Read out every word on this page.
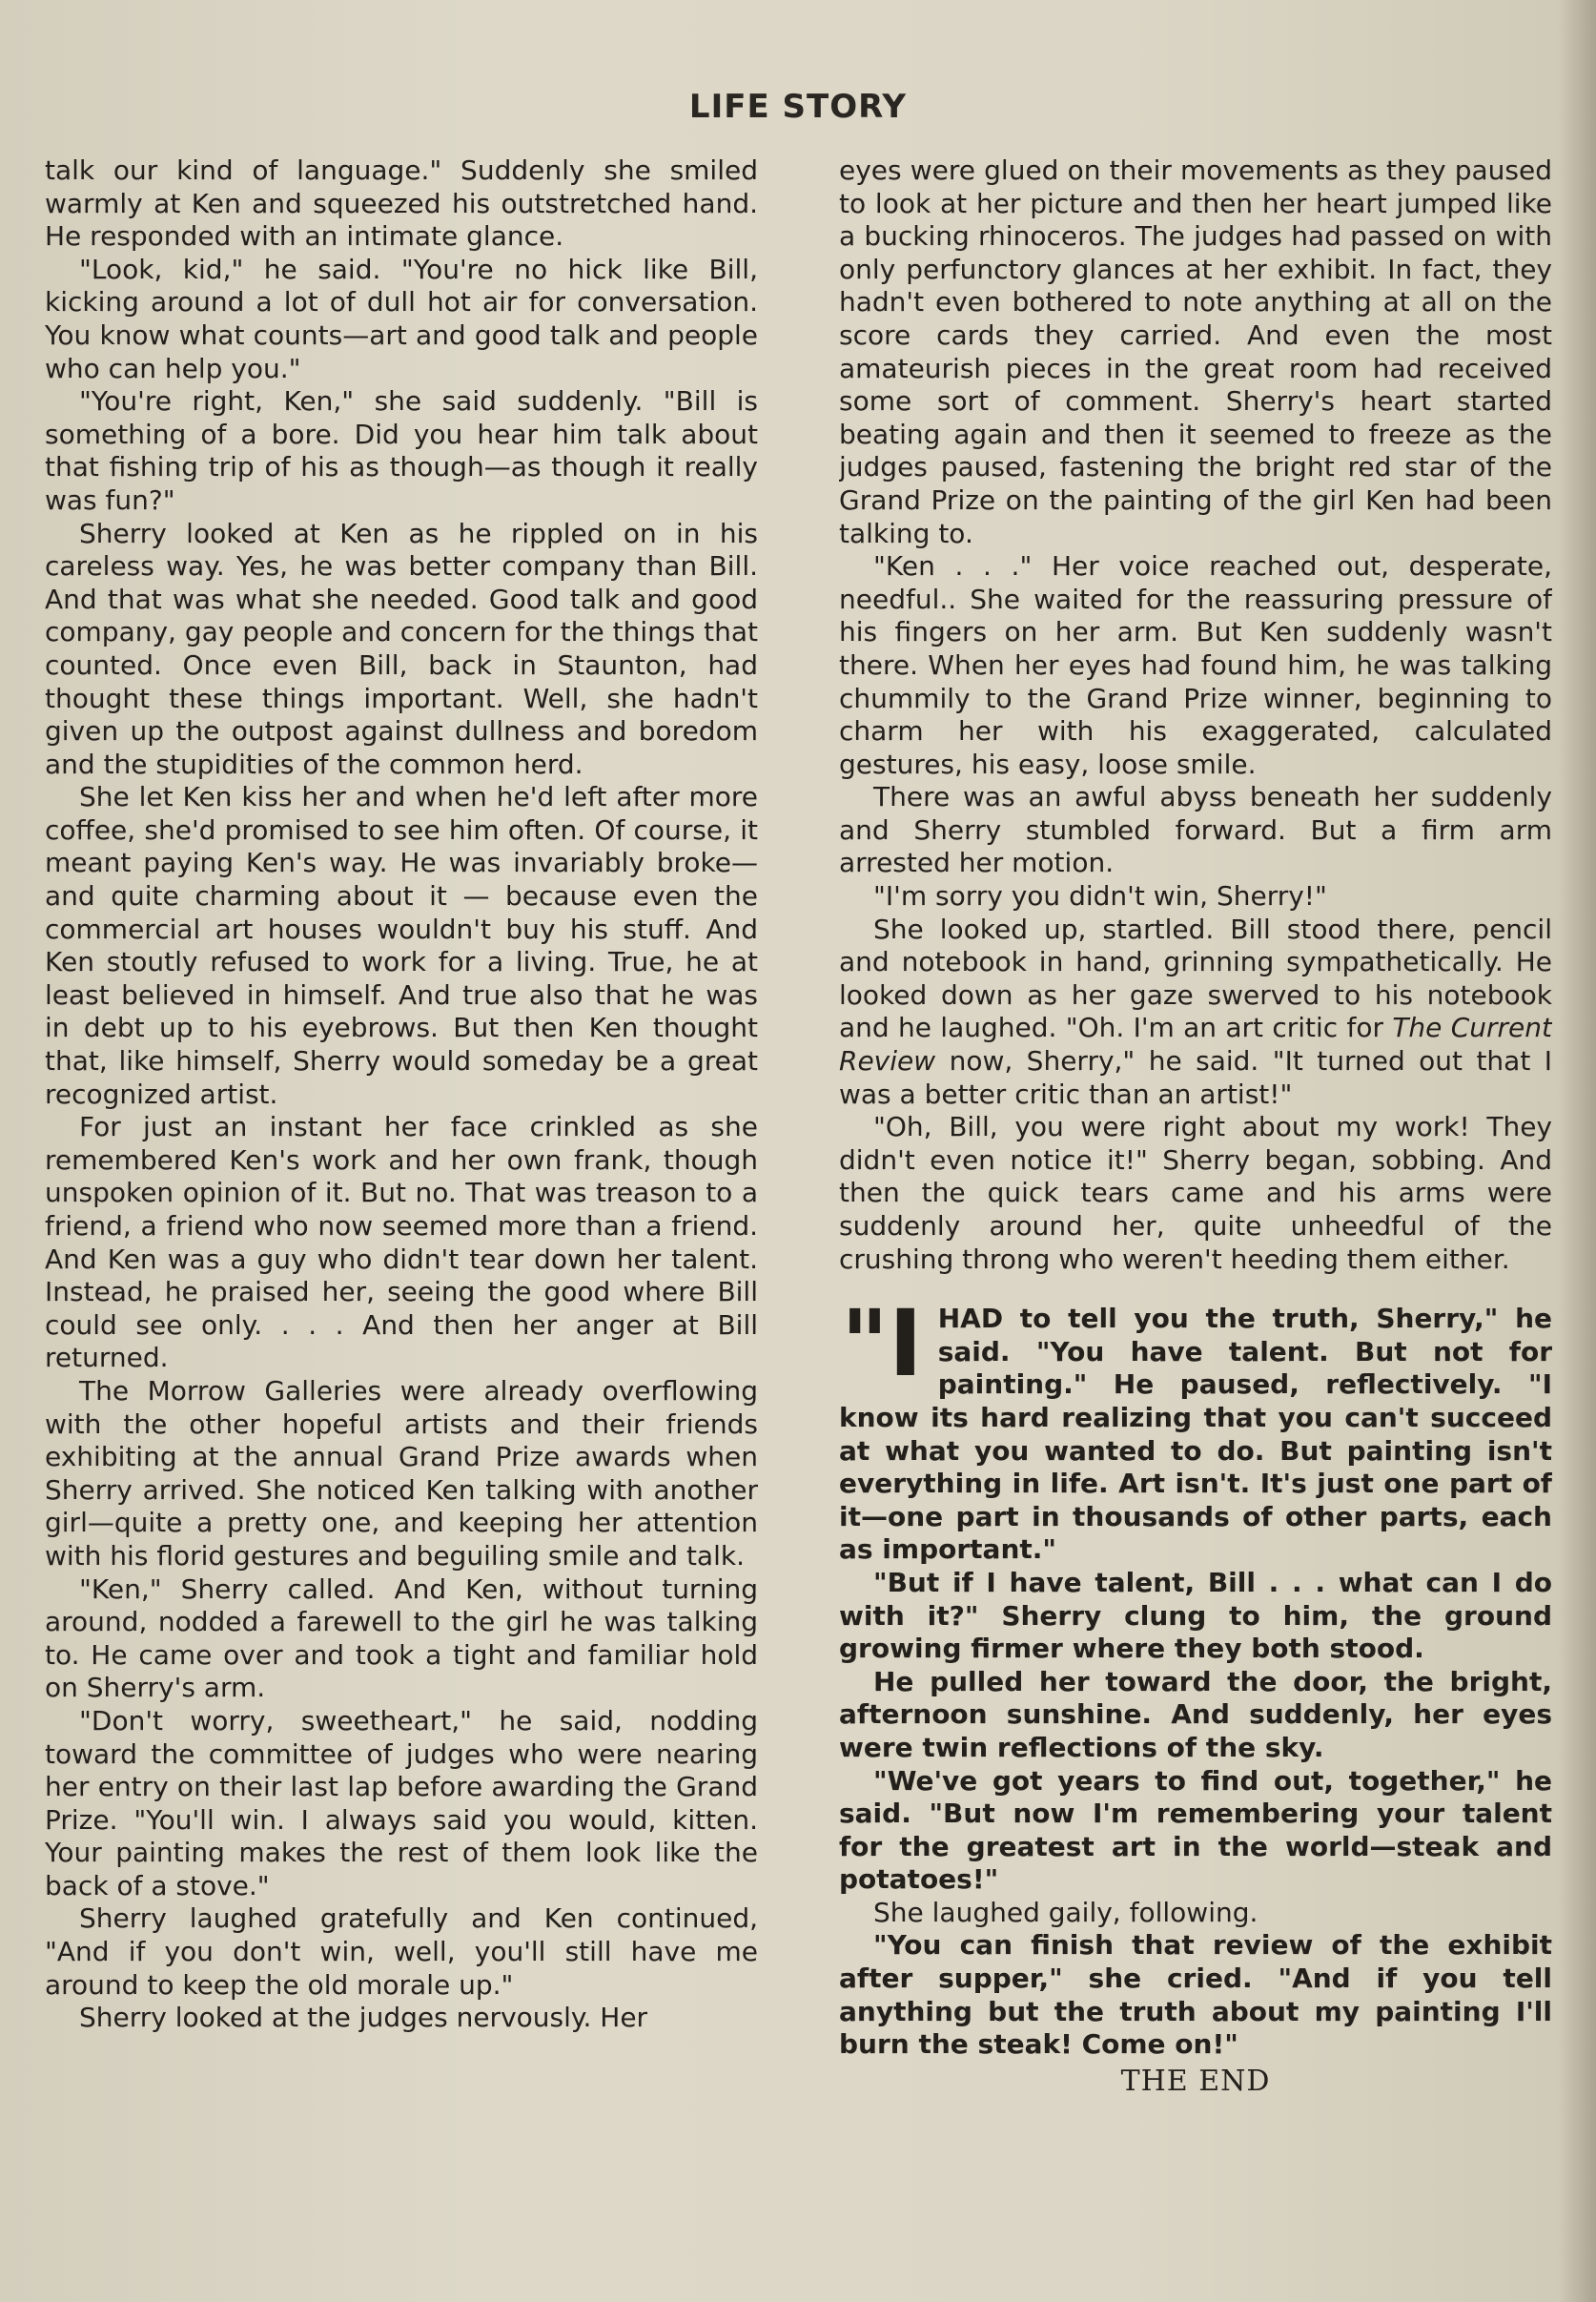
LIFE STORY

talk our kind of language." Suddenly she smiled warmly at Ken and squeezed his outstretched hand. He responded with an intimate glance.

"Look, kid," he said. "You're no hick like Bill, kicking around a lot of dull hot air for conversation. You know what counts—art and good talk and people who can help you."

"You're right, Ken," she said suddenly. "Bill is something of a bore. Did you hear him talk about that fishing trip of his as though—as though it really was fun?"

Sherry looked at Ken as he rippled on in his careless way. Yes, he was better company than Bill. And that was what she needed. Good talk and good company, gay people and concern for the things that counted. Once even Bill, back in Staunton, had thought these things important. Well, she hadn't given up the outpost against dullness and boredom and the stupidities of the common herd.

She let Ken kiss her and when he'd left after more coffee, she'd promised to see him often. Of course, it meant paying Ken's way. He was invariably broke—and quite charming about it — because even the commercial art houses wouldn't buy his stuff. And Ken stoutly refused to work for a living. True, he at least believed in himself. And true also that he was in debt up to his eyebrows. But then Ken thought that, like himself, Sherry would someday be a great recognized artist.

For just an instant her face crinkled as she remembered Ken's work and her own frank, though unspoken opinion of it. But no. That was treason to a friend, a friend who now seemed more than a friend. And Ken was a guy who didn't tear down her talent. Instead, he praised her, seeing the good where Bill could see only. . . . And then her anger at Bill returned.

The Morrow Galleries were already overflowing with the other hopeful artists and their friends exhibiting at the annual Grand Prize awards when Sherry arrived. She noticed Ken talking with another girl—quite a pretty one, and keeping her attention with his florid gestures and beguiling smile and talk.

"Ken," Sherry called. And Ken, without turning around, nodded a farewell to the girl he was talking to. He came over and took a tight and familiar hold on Sherry's arm.

"Don't worry, sweetheart," he said, nodding toward the committee of judges who were nearing her entry on their last lap before awarding the Grand Prize. "You'll win. I always said you would, kitten. Your painting makes the rest of them look like the back of a stove."

Sherry laughed gratefully and Ken continued, "And if you don't win, well, you'll still have me around to keep the old morale up."

Sherry looked at the judges nervously. Her

eyes were glued on their movements as they paused to look at her picture and then her heart jumped like a bucking rhinoceros. The judges had passed on with only perfunctory glances at her exhibit. In fact, they hadn't even bothered to note anything at all on the score cards they carried. And even the most amateurish pieces in the great room had received some sort of comment. Sherry's heart started beating again and then it seemed to freeze as the judges paused, fastening the bright red star of the Grand Prize on the painting of the girl Ken had been talking to.

"Ken . . ." Her voice reached out, desperate, needful.. She waited for the reassuring pressure of his fingers on her arm. But Ken suddenly wasn't there. When her eyes had found him, he was talking chummily to the Grand Prize winner, beginning to charm her with his exaggerated, calculated gestures, his easy, loose smile.

There was an awful abyss beneath her suddenly and Sherry stumbled forward. But a firm arm arrested her motion.

"I'm sorry you didn't win, Sherry!"

She looked up, startled. Bill stood there, pencil and notebook in hand, grinning sympathetically. He looked down as her gaze swerved to his notebook and he laughed. "Oh. I'm an art critic for The Current Review now, Sherry," he said. "It turned out that I was a better critic than an artist!"

"Oh, Bill, you were right about my work! They didn't even notice it!" Sherry began, sobbing. And then the quick tears came and his arms were suddenly around her, quite unheedful of the crushing throng who weren't heeding them either.

"IHAD to tell you the truth, Sherry," he said. "You have talent. But not for painting." He paused, reflectively. "I know its hard realizing that you can't succeed at what you wanted to do. But painting isn't everything in life. Art isn't. It's just one part of it—one part in thousands of other parts, each as important."

"But if I have talent, Bill . . . what can I do with it?" Sherry clung to him, the ground growing firmer where they both stood.

He pulled her toward the door, the bright, afternoon sunshine. And suddenly, her eyes were twin reflections of the sky.

"We've got years to find out, together," he said. "But now I'm remembering your talent for the greatest art in the world—steak and potatoes!"

She laughed gaily, following.

"You can finish that review of the exhibit after supper," she cried. "And if you tell anything but the truth about my painting I'll burn the steak! Come on!"

THE END
